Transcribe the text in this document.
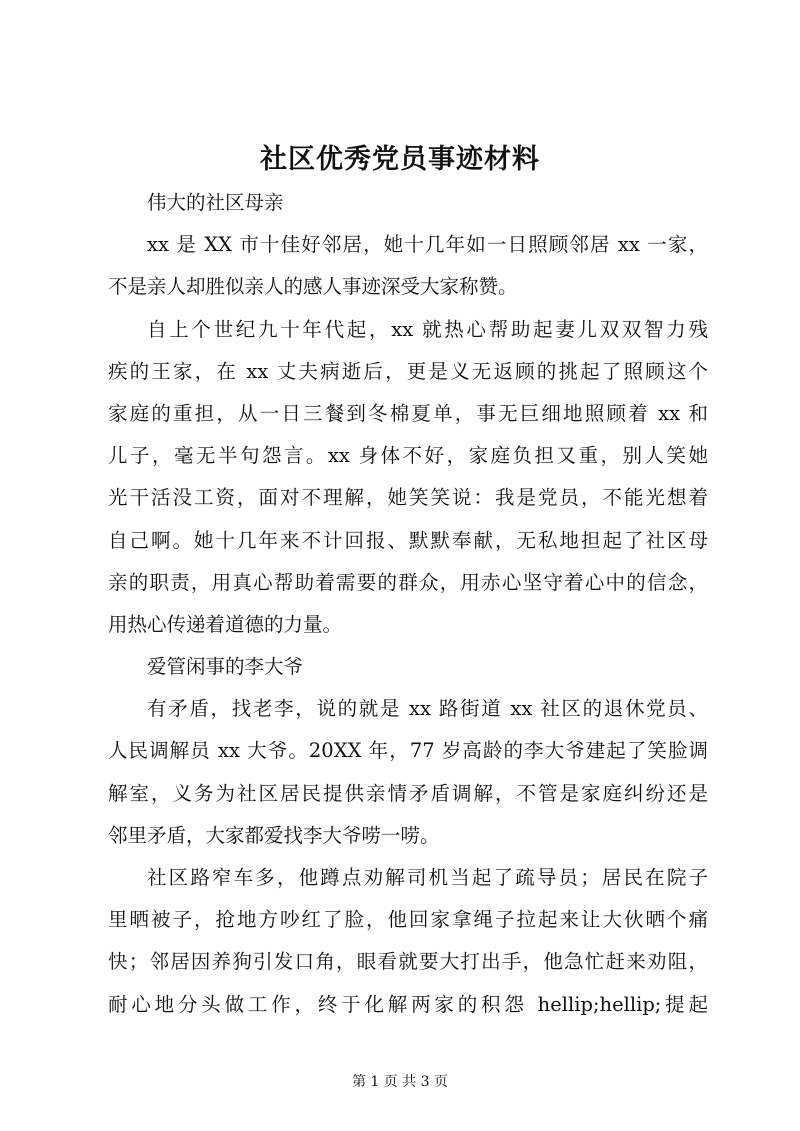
社区优秀党员事迹材料
伟大的社区母亲
xx 是 XX 市十佳好邻居，她十几年如一日照顾邻居 xx 一家，
不是亲人却胜似亲人的感人事迹深受大家称赞。
自上个世纪九十年代起，xx 就热心帮助起妻儿双双智力残
疾的王家，在 xx 丈夫病逝后，更是义无返顾的挑起了照顾这个
家庭的重担，从一日三餐到冬棉夏单，事无巨细地照顾着 xx 和
儿子，毫无半句怨言。xx 身体不好，家庭负担又重，别人笑她
光干活没工资，面对不理解，她笑笑说：我是党员，不能光想着
自己啊。她十几年来不计回报、默默奉献，无私地担起了社区母
亲的职责，用真心帮助着需要的群众，用赤心坚守着心中的信念，
用热心传递着道德的力量。
爱管闲事的李大爷
有矛盾，找老李，说的就是 xx 路街道 xx 社区的退休党员、
人民调解员 xx 大爷。20XX 年，77 岁高龄的李大爷建起了笑脸调
解室，义务为社区居民提供亲情矛盾调解，不管是家庭纠纷还是
邻里矛盾，大家都爱找李大爷唠一唠。
社区路窄车多，他蹲点劝解司机当起了疏导员；居民在院子
里晒被子，抢地方吵红了脸，他回家拿绳子拉起来让大伙晒个痛
快；邻居因养狗引发口角，眼看就要大打出手，他急忙赶来劝阻，
耐心地分头做工作，终于化解两家的积怨 hellip;hellip;提起
第 1 页 共 3 页
